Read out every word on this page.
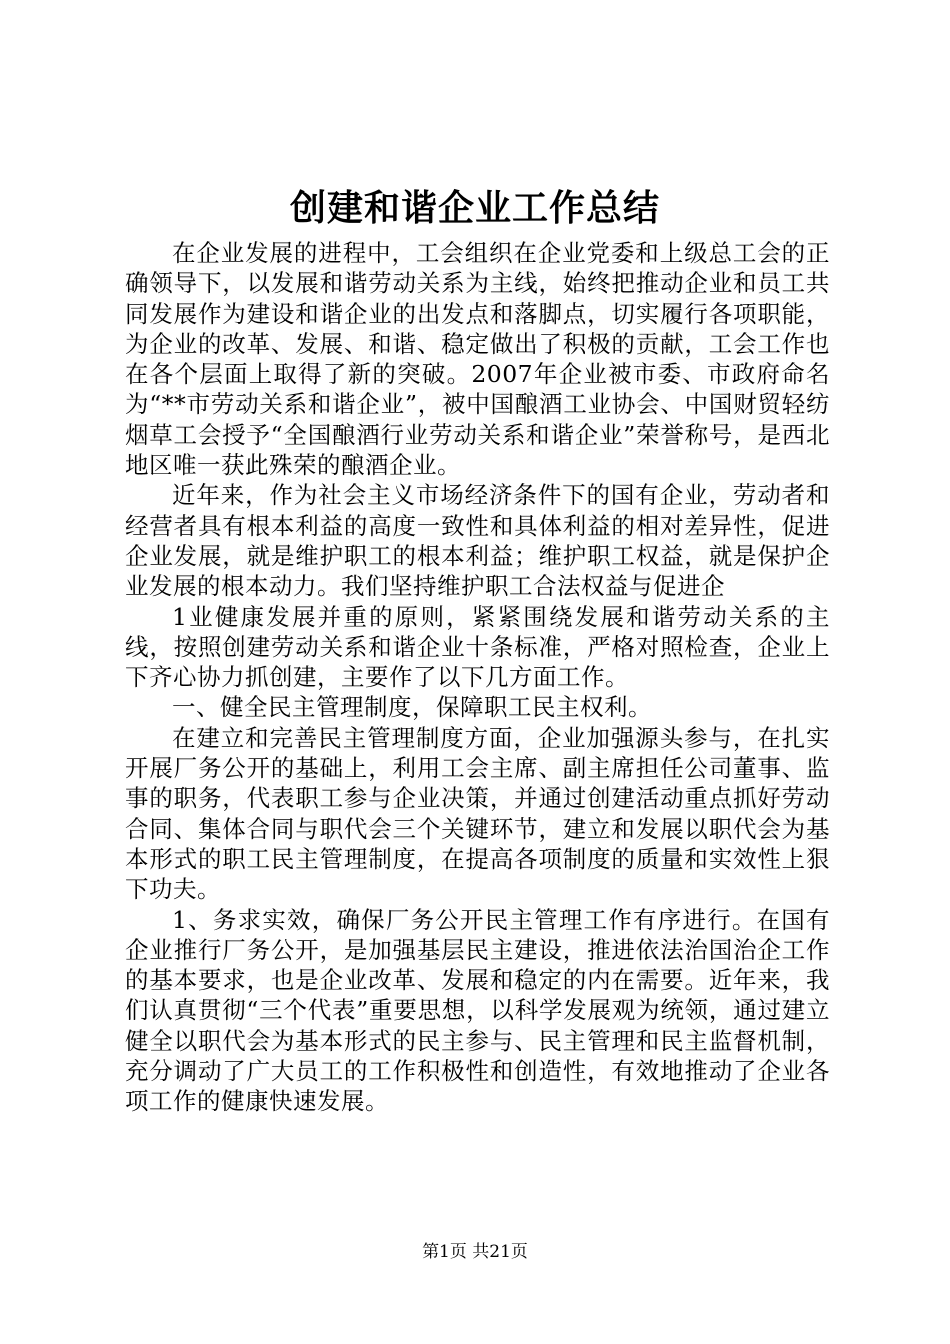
创建和谐企业工作总结

在企业发展的进程中，工会组织在企业党委和上级总工会的正确领导下，以发展和谐劳动关系为主线，始终把推动企业和员工共同发展作为建设和谐企业的出发点和落脚点，切实履行各项职能，为企业的改革、发展、和谐、稳定做出了积极的贡献，工会工作也在各个层面上取得了新的突破。2007年企业被市委、市政府命名为“**市劳动关系和谐企业”，被中国酿酒工业协会、中国财贸轻纺烟草工会授予“全国酿酒行业劳动关系和谐企业”荣誉称号，是西北地区唯一获此殊荣的酿酒企业。

近年来，作为社会主义市场经济条件下的国有企业，劳动者和经营者具有根本利益的高度一致性和具体利益的相对差异性，促进企业发展，就是维护职工的根本利益；维护职工权益，就是保护企业发展的根本动力。我们坚持维护职工合法权益与促进企

1业健康发展并重的原则，紧紧围绕发展和谐劳动关系的主线，按照创建劳动关系和谐企业十条标准，严格对照检查，企业上下齐心协力抓创建，主要作了以下几方面工作。

一、健全民主管理制度，保障职工民主权利。

在建立和完善民主管理制度方面，企业加强源头参与，在扎实开展厂务公开的基础上，利用工会主席、副主席担任公司董事、监事的职务，代表职工参与企业决策，并通过创建活动重点抓好劳动合同、集体合同与职代会三个关键环节，建立和发展以职代会为基本形式的职工民主管理制度，在提高各项制度的质量和实效性上狠下功夫。

1、务求实效，确保厂务公开民主管理工作有序进行。在国有企业推行厂务公开，是加强基层民主建设，推进依法治国治企工作的基本要求，也是企业改革、发展和稳定的内在需要。近年来，我们认真贯彻“三个代表”重要思想，以科学发展观为统领，通过建立健全以职代会为基本形式的民主参与、民主管理和民主监督机制，充分调动了广大员工的工作积极性和创造性，有效地推动了企业各项工作的健康快速发展。

第1页 共21页
